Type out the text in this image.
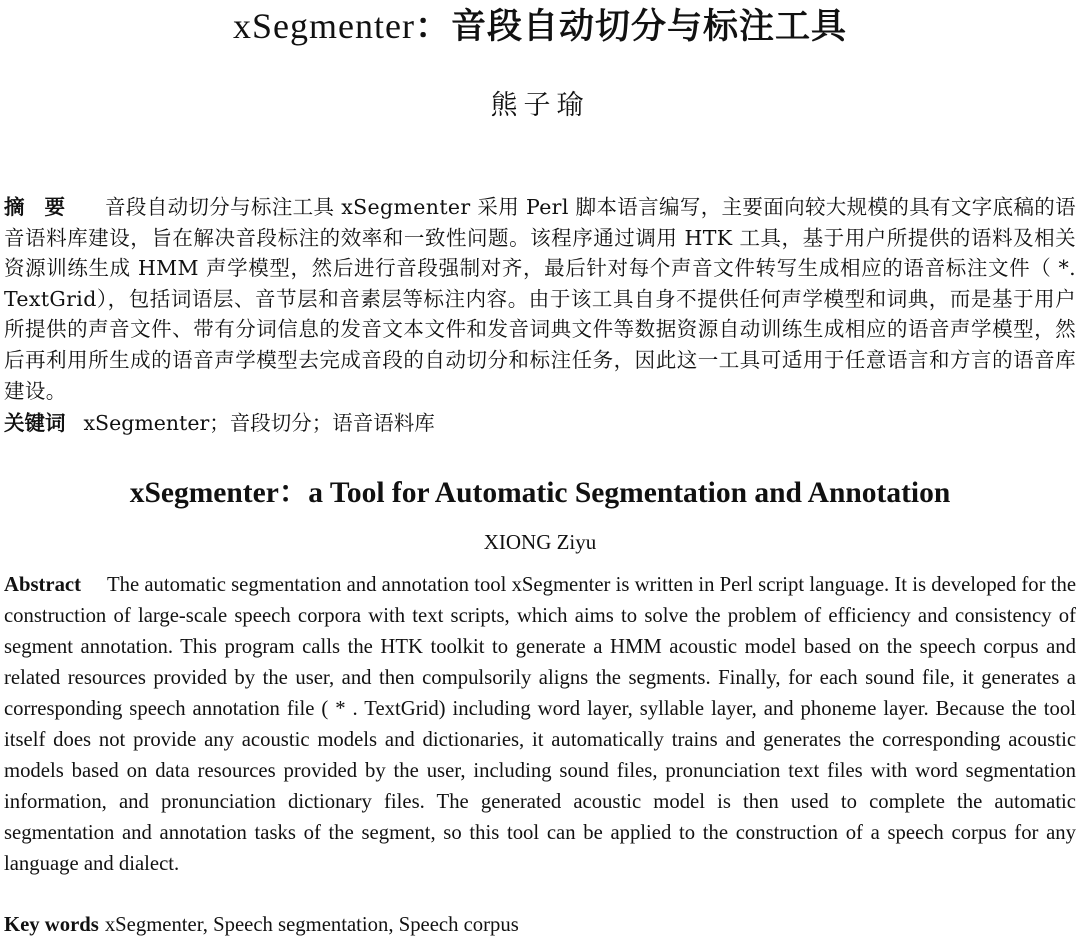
xSegmenter：音段自动切分与标注工具
熊子瑜
摘要 音段自动切分与标注工具 xSegmenter 采用 Perl 脚本语言编写，主要面向较大规模的具有文字底稿的语音语料库建设，旨在解决音段标注的效率和一致性问题。该程序通过调用 HTK 工具，基于用户所提供的语料及相关资源训练生成 HMM 声学模型，然后进行音段强制对齐，最后针对每个声音文件转写生成相应的语音标注文件（ *. TextGrid），包括词语层、音节层和音素层等标注内容。由于该工具自身不提供任何声学模型和词典，而是基于用户所提供的声音文件、带有分词信息的发音文本文件和发音词典文件等数据资源自动训练生成相应的语音声学模型，然后再利用所生成的语音声学模型去完成音段的自动切分和标注任务，因此这一工具可适用于任意语言和方言的语音库建设。
关键词 xSegmenter；音段切分；语音语料库
xSegmenter：a Tool for Automatic Segmentation and Annotation
XIONG Ziyu
Abstract The automatic segmentation and annotation tool xSegmenter is written in Perl script language. It is developed for the construction of large-scale speech corpora with text scripts, which aims to solve the problem of efficiency and consistency of segment annotation. This program calls the HTK toolkit to generate a HMM acoustic model based on the speech corpus and related resources provided by the user, and then compulsorily aligns the segments. Finally, for each sound file, it generates a corresponding speech annotation file ( * . TextGrid) including word layer, syllable layer, and phoneme layer. Because the tool itself does not provide any acoustic models and dictionaries, it automatically trains and generates the corresponding acoustic models based on data resources provided by the user, including sound files, pronunciation text files with word segmentation information, and pronunciation dictionary files. The generated acoustic model is then used to complete the automatic segmentation and annotation tasks of the segment, so this tool can be applied to the construction of a speech corpus for any language and dialect.
Key words xSegmenter, Speech segmentation, Speech corpus
